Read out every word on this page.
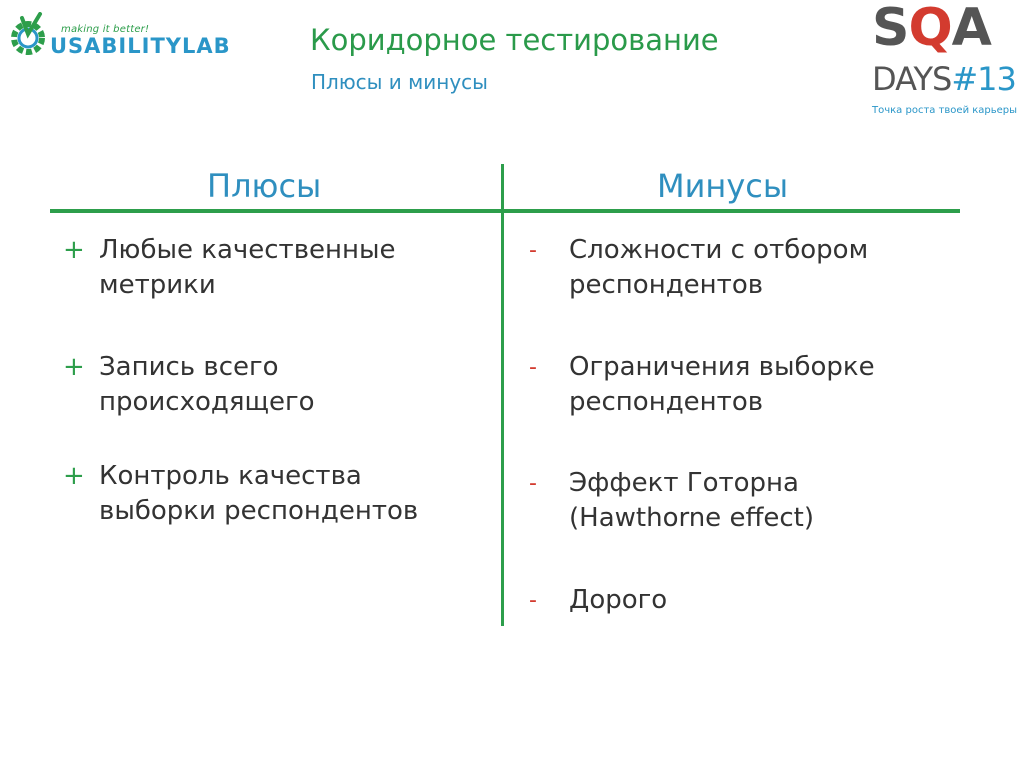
making it better!
USABILITYLAB	Коридорное тестирование
Плюсы и минусы
SQA
DAYS#13
Точка роста твоей карьеры
Плюсы	Минусы
+ Любые качественные
метрики
+ Запись всего
происходящего
+ Контроль качества
выборки респондентов
- Сложности с отбором
респондентов
- Ограничения выборке
респондентов
- Эффект Готорна
(Hawthorne effect)
- Дорого
